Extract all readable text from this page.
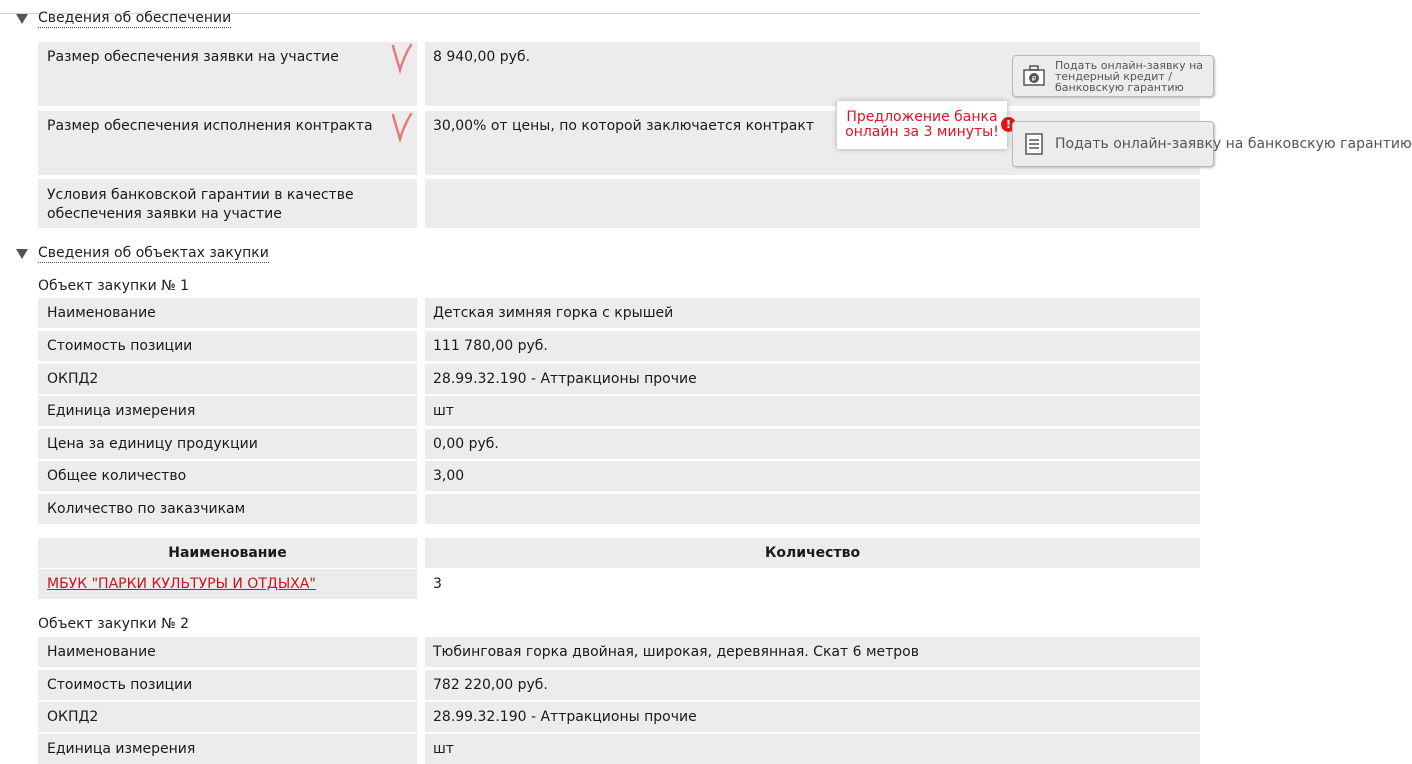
Сведения об обеспечении
Размер обеспечения заявки на участие	8 940,00 руб.
Размер обеспечения исполнения контракта	30,00% от цены, по которой заключается контракт
Условия банковской гарантии в качестве обеспечения заявки на участие
₽
Подать онлайн-заявку на тендерный кредит / банковскую гарантию
Предложение банка онлайн за 3 минуты! !
Подать онлайн-заявку на банковскую гарантию
Сведения об объектах закупки
Объект закупки № 1
Наименование	Детская зимняя горка с крышей
Стоимость позиции	111 780,00 руб.
ОКПД2	28.99.32.190 - Аттракционы прочие
Единица измерения	шт
Цена за единицу продукции	0,00 руб.
Общее количество	3,00
Количество по заказчикам
Наименование	Количество
МБУК "ПАРКИ КУЛЬТУРЫ И ОТДЫХА"	3
Объект закупки № 2
Наименование	Тюбинговая горка двойная, широкая, деревянная. Скат 6 метров
Стоимость позиции	782 220,00 руб.
ОКПД2	28.99.32.190 - Аттракционы прочие
Единица измерения	шт
